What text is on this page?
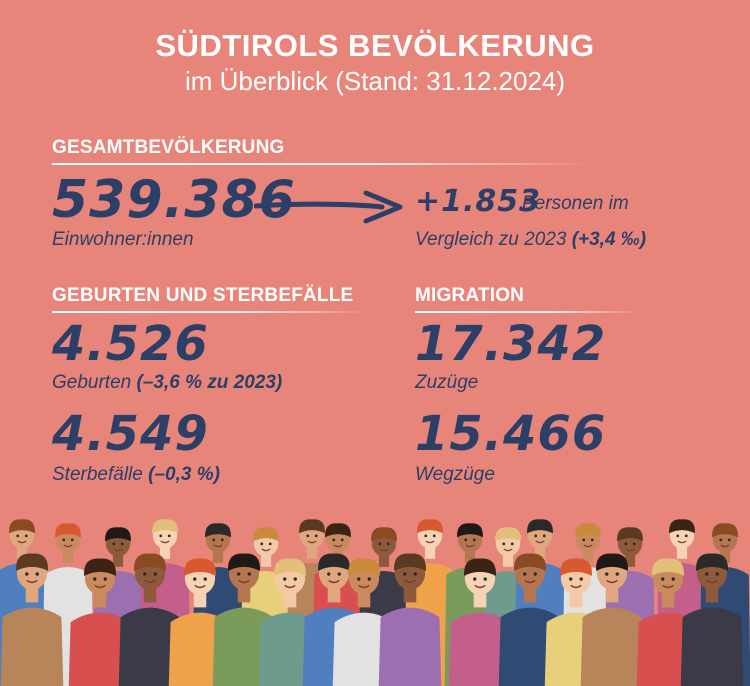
SÜDTIROLS BEVÖLKERUNG
im Überblick (Stand: 31.12.2024)
GESAMTBEVÖLKERUNG
539.386
Einwohner:innen
+1.853
Personen im
Vergleich zu 2023 (+3,4 ‰)
GEBURTEN UND STERBEFÄLLE
4.526
Geburten (–3,6 % zu 2023)
4.549
Sterbefälle (–0,3 %)
MIGRATION
17.342
Zuzüge
15.466
Wegzüge
